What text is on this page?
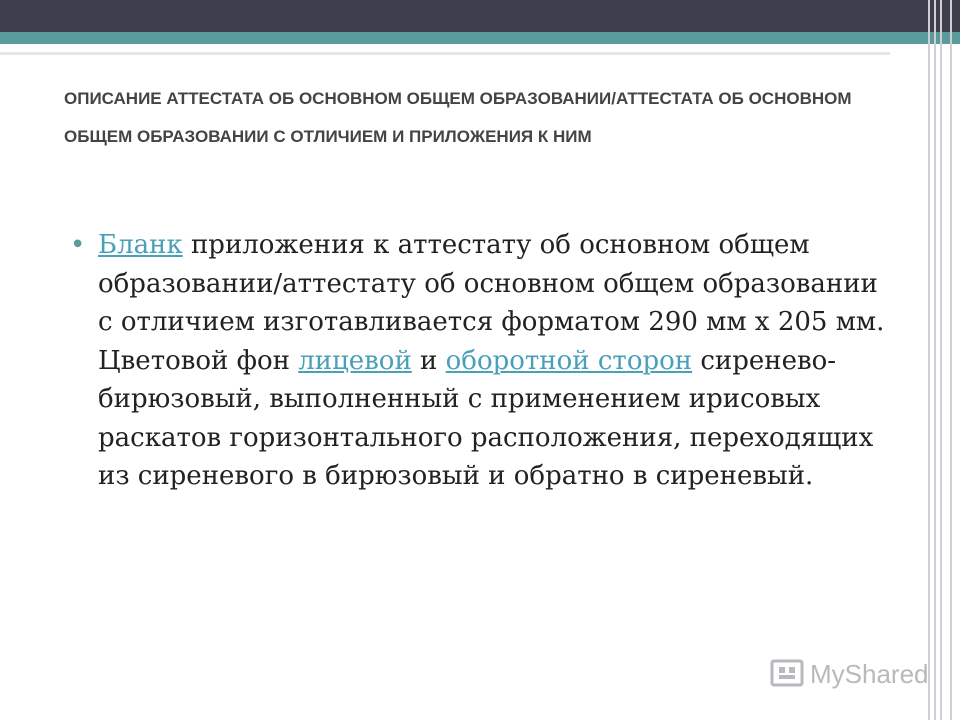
ОПИСАНИЕ АТТЕСТАТА ОБ ОСНОВНОМ ОБЩЕМ ОБРАЗОВАНИИ/АТТЕСТАТА ОБ ОСНОВНОМ ОБЩЕМ ОБРАЗОВАНИИ С ОТЛИЧИЕМ И ПРИЛОЖЕНИЯ К НИМ
• Бланк приложения к аттестату об основном общем образовании/аттестату об основном общем образовании с отличием изготавливается форматом 290 мм х 205 мм. Цветовой фон лицевой и оборотной сторон сиренево-бирюзовый, выполненный с применением ирисовых раскатов горизонтального расположения, переходящих из сиреневого в бирюзовый и обратно в сиреневый.

MyShared
